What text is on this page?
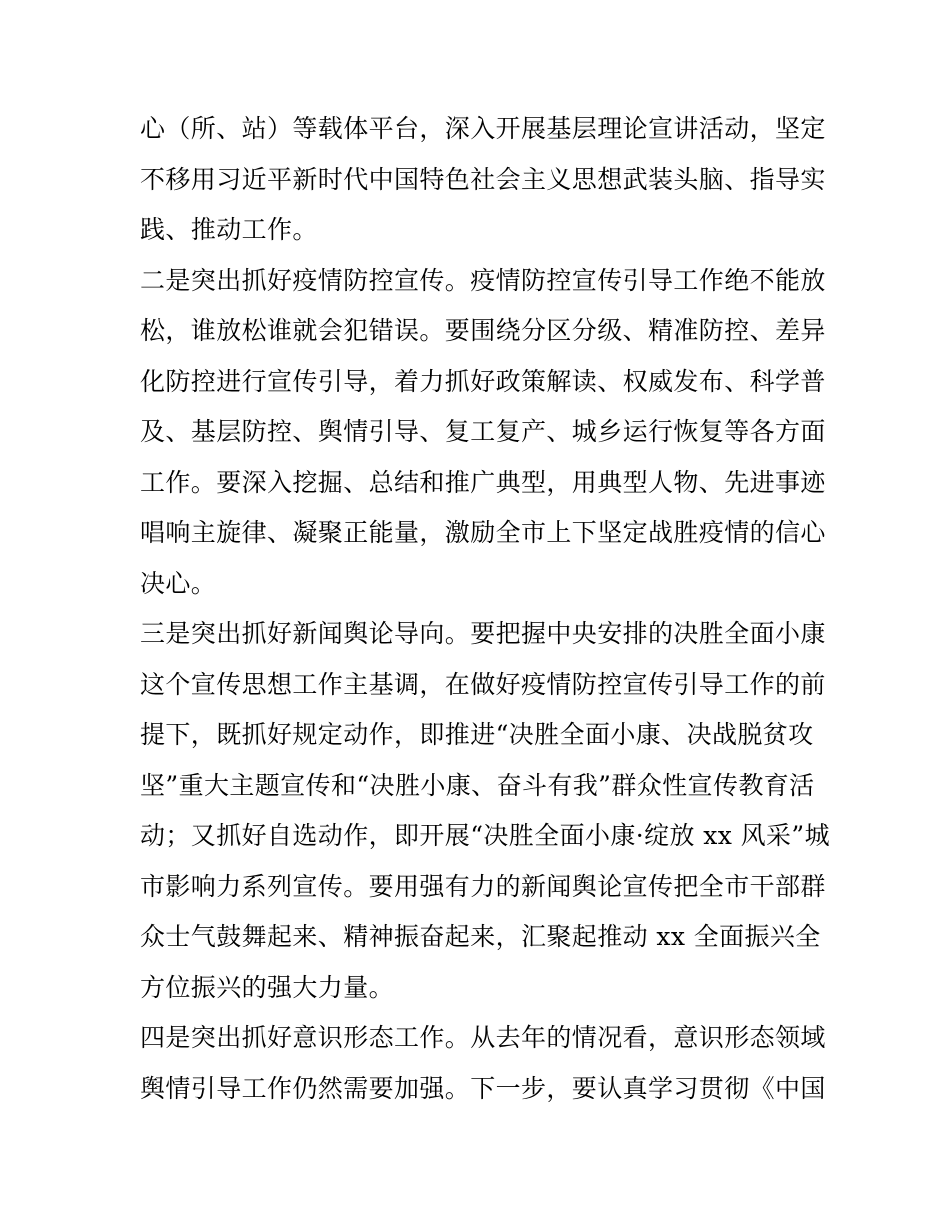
心（所、站）等载体平台，深入开展基层理论宣讲活动，坚定
不移用习近平新时代中国特色社会主义思想武装头脑、指导实
践、推动工作。
二是突出抓好疫情防控宣传。疫情防控宣传引导工作绝不能放
松，谁放松谁就会犯错误。要围绕分区分级、精准防控、差异
化防控进行宣传引导，着力抓好政策解读、权威发布、科学普
及、基层防控、舆情引导、复工复产、城乡运行恢复等各方面
工作。要深入挖掘、总结和推广典型，用典型人物、先进事迹
唱响主旋律、凝聚正能量，激励全市上下坚定战胜疫情的信心
决心。
三是突出抓好新闻舆论导向。要把握中央安排的决胜全面小康
这个宣传思想工作主基调，在做好疫情防控宣传引导工作的前
提下，既抓好规定动作，即推进“决胜全面小康、决战脱贫攻
坚”重大主题宣传和“决胜小康、奋斗有我”群众性宣传教育活
动；又抓好自选动作，即开展“决胜全面小康·绽放 xx 风采”城
市影响力系列宣传。要用强有力的新闻舆论宣传把全市干部群
众士气鼓舞起来、精神振奋起来，汇聚起推动 xx 全面振兴全
方位振兴的强大力量。
四是突出抓好意识形态工作。从去年的情况看，意识形态领域
舆情引导工作仍然需要加强。下一步，要认真学习贯彻《中国
